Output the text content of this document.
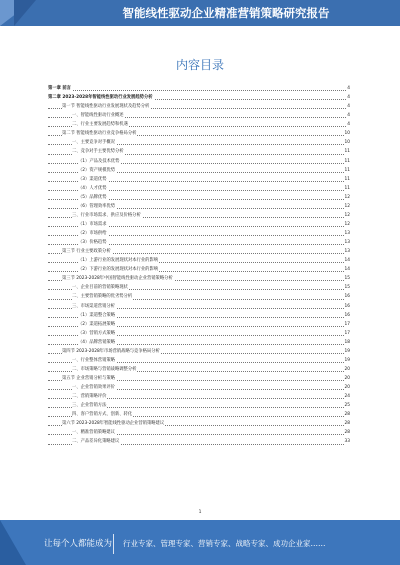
智能线性驱动企业精准营销策略研究报告
内容目录
第一章 前言	4
第二章 2023-2028年智能线性驱动行业发展趋势分析	4
第一节 智能线性驱动行业发展现状及趋势分析	4
一、智能线性驱动行业概述	4
二、行业主要发展趋势和机遇	4
第二节 智能线性驱动行业竞争格局分析	10
一、主要竞争对手概况	10
二、竞争对手主要优势分析	11
（1）产品及技术优势	11
（2）资产规模优势	11
（3）渠道优势	11
（4）人才优势	11
（5）品牌优势	12
（6）管理效率优势	12
三、行业市场需求、供应及价格分析	12
（1）市场需求	12
（2）市场供给	13
（3）价格趋势	13
第三节 行业主要政策分析	13
（1）上游行业的发展现状对本行业的影响	14
（2）下游行业的发展现状对本行业的影响	14
第三节 2023-2028年中国智能线性驱动企业营销策略分析	15
一、企业目前的营销策略现状	15
二、主要营销策略的优劣势分析	16
三、市场渠道营销分析	16
（1）渠道整合策略	16
（2）渠道拓展策略	17
（3）营销方式策略	17
（4）品牌营销策略	18
第四节 2023-2028年市场营销战略与竞争格局分析	19
一、行业整体营销策略	19
二、市场策略与营销战略调整分析	20
第五节 企业营销分析与策略	20
一、企业营销效果评价	20
二、营销策略评价	24
三、企业营销方法	25
四、客户营销方式、创新、转化	28
第六节 2023-2028年智能线性驱动企业营销策略建议	28
一、精准营销策略建议	28
二、产品差异化策略建议	33
1
让每个人都能成为 行业专家、管理专家、营销专家、战略专家、成功企业家……
